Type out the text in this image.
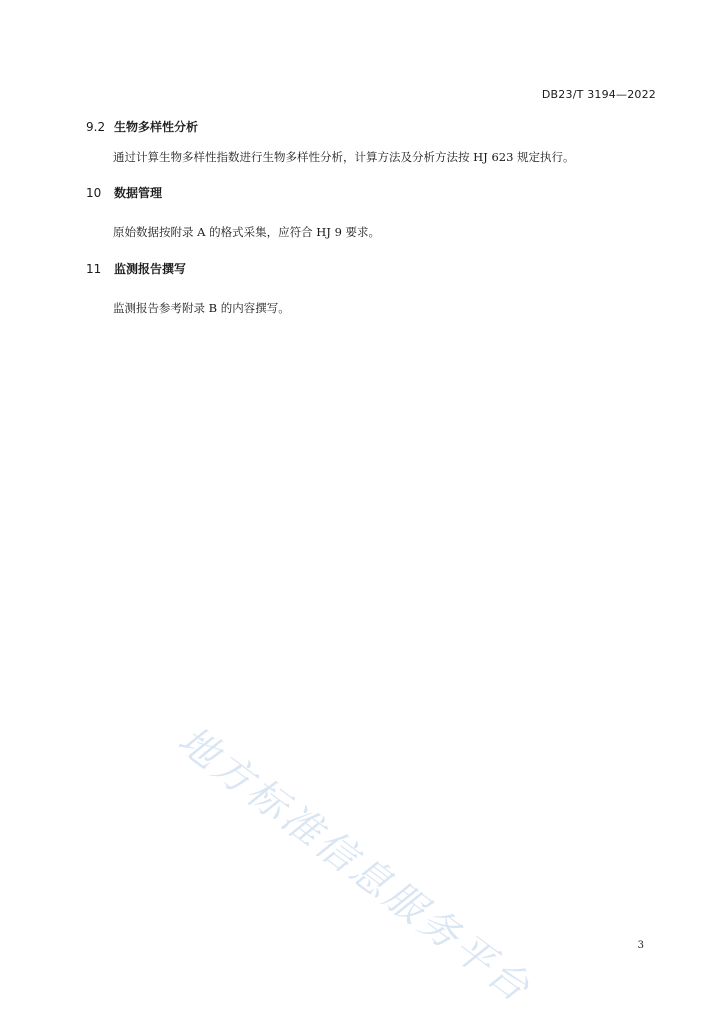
DB23/T 3194—2022
9.2 生物多样性分析
通过计算生物多样性指数进行生物多样性分析，计算方法及分析方法按 HJ 623 规定执行。
10	数据管理
原始数据按附录 A 的格式采集，应符合 HJ 9 要求。
11	监测报告撰写
监测报告参考附录 B 的内容撰写。
地方标准信息服务平台	3
